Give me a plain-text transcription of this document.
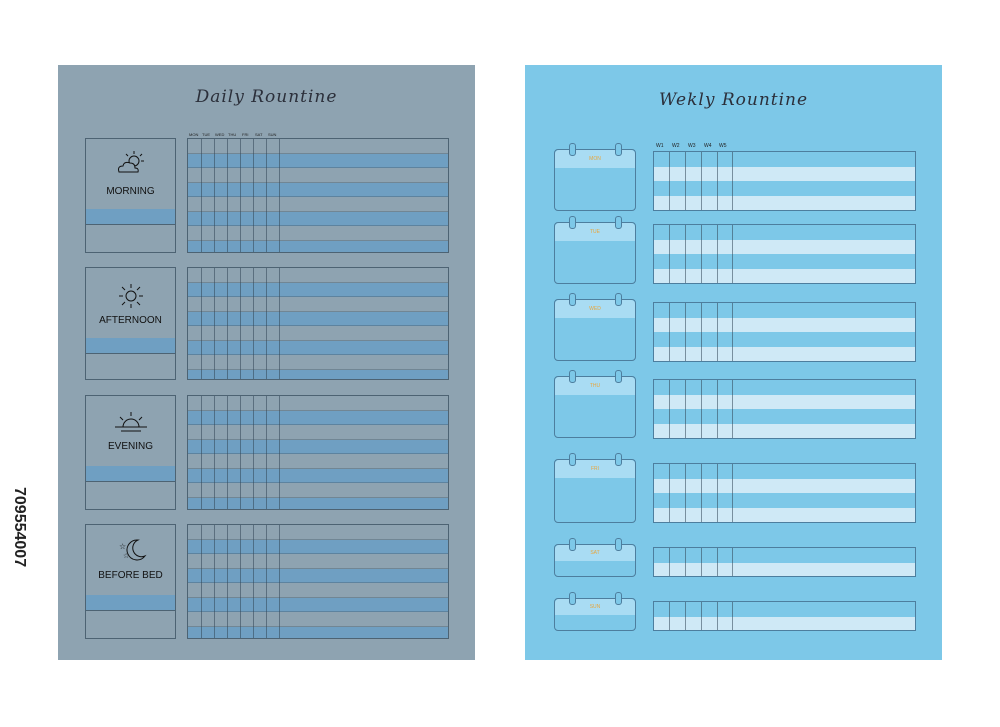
Daily Rountine
MORNING
MON TUE WED THU FRI SAT SUN
AFTERNOON
EVENING
☆
☆
BEFORE BED
Wekly Rountine
W1 W2 W3 W4 W5
MON
TUE
WED
THU
FRI
SAT
SUN
709554007
